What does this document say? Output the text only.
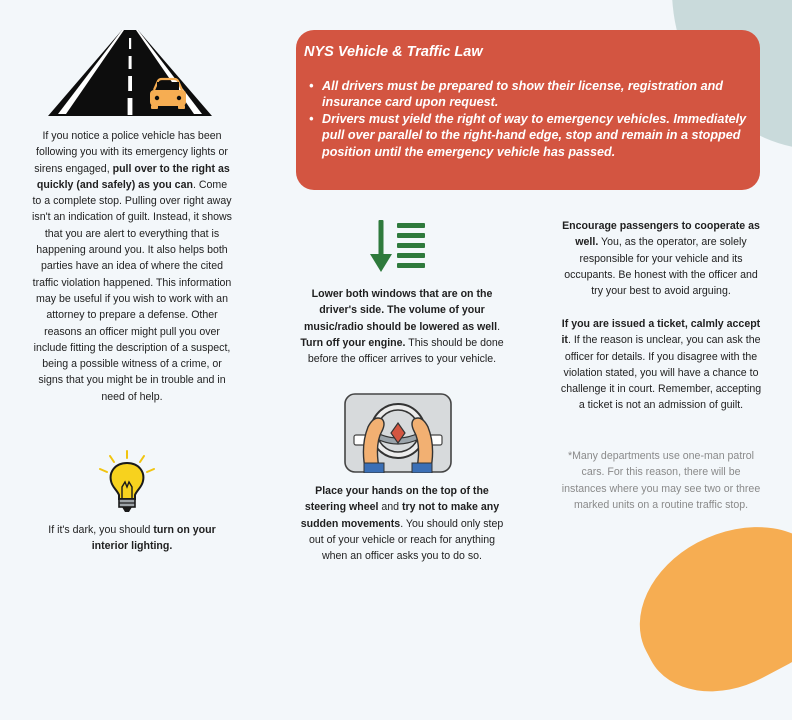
If you notice a police vehicle has been following you with its emergency lights or sirens engaged, pull over to the right as quickly (and safely) as you can. Come to a complete stop. Pulling over right away isn't an indication of guilt. Instead, it shows that you are alert to everything that is happening around you. It also helps both parties have an idea of where the cited traffic violation happened. This information may be useful if you wish to work with an attorney to prepare a defense. Other reasons an officer might pull you over include fitting the description of a suspect, being a possible witness of a crime, or signs that you might be in trouble and in need of help.

If it's dark, you should turn on your interior lighting.

NYS Vehicle & Traffic Law
• All drivers must be prepared to show their license, registration and insurance card upon request.
• Drivers must yield the right of way to emergency vehicles. Immediately pull over parallel to the right-hand edge, stop and remain in a stopped position until the emergency vehicle has passed.

Lower both windows that are on the driver's side. The volume of your music/radio should be lowered as well. Turn off your engine. This should be done before the officer arrives to your vehicle.

Place your hands on the top of the steering wheel and try not to make any sudden movements. You should only step out of your vehicle or reach for anything when an officer asks you to do so.

Encourage passengers to cooperate as well. You, as the operator, are solely responsible for your vehicle and its occupants. Be honest with the officer and try your best to avoid arguing.

If you are issued a ticket, calmly accept it. If the reason is unclear, you can ask the officer for details. If you disagree with the violation stated, you will have a chance to challenge it in court. Remember, accepting a ticket is not an admission of guilt.

*Many departments use one-man patrol cars. For this reason, there will be instances where you may see two or three marked units on a routine traffic stop.
